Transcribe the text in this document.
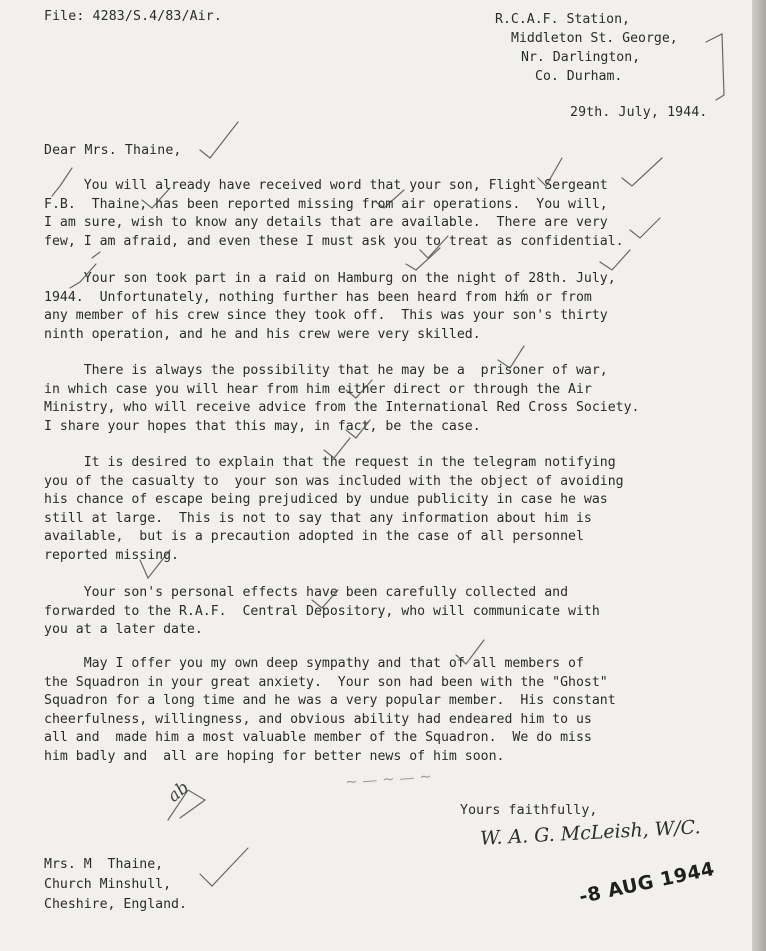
File: 4283/S.4/83/Air.	R.C.A.F. Station,
Middleton St. George,
Nr. Darlington,
Co. Durham.
29th. July, 1944.
Dear Mrs. Thaine,
You will already have received word that your son, Flight Sergeant
F.B.  Thaine, has been reported missing from air operations.  You will,
I am sure, wish to know any details that are available.  There are very
few, I am afraid, and even these I must ask you to treat as confidential.
Your son took part in a raid on Hamburg on the night of 28th. July,
1944.  Unfortunately, nothing further has been heard from him or from
any member of his crew since they took off.  This was your son's thirty
ninth operation, and he and his crew were very skilled.
There is always the possibility that he may be a  prisoner of war,
in which case you will hear from him either direct or through the Air
Ministry, who will receive advice from the International Red Cross Society.
I share your hopes that this may, in fact, be the case.
It is desired to explain that the request in the telegram notifying
you of the casualty to  your son was included with the object of avoiding
his chance of escape being prejudiced by undue publicity in case he was
still at large.  This is not to say that any information about him is
available,  but is a precaution adopted in the case of all personnel
reported missing.
Your son's personal effects have been carefully collected and
forwarded to the R.A.F.  Central Depository, who will communicate with
you at a later date.
May I offer you my own deep sympathy and that of all members of
the Squadron in your great anxiety.  Your son had been with the "Ghost"
Squadron for a long time and he was a very popular member.  His constant
cheerfulness, willingness, and obvious ability had endeared him to us
all and  made him a most valuable member of the Squadron.  We do miss
him badly and  all are hoping for better news of him soon.
~ — ~ — ~
ab
Yours faithfully,
W. A. G. McLeish, W/C.
Mrs. M  Thaine,
Church Minshull,
Cheshire, England.	-8 AUG 1944
